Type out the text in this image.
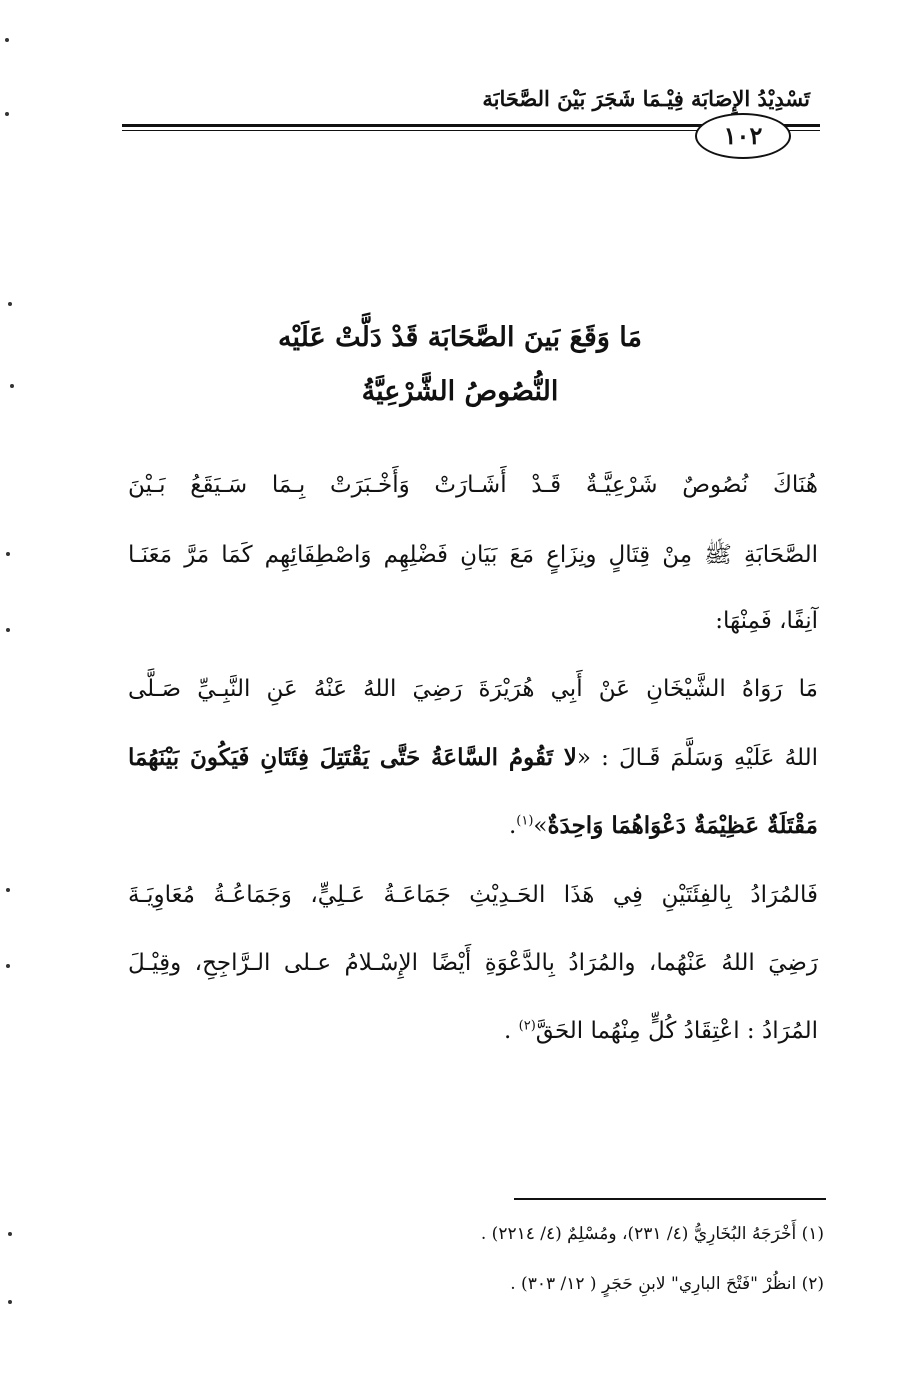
تَسْدِيْدُ الإِصَابَة فِيْـمَا شَجَرَ بَيْنَ الصَّحَابَة
١٠٢
مَا وَقَعَ بَينَ الصَّحَابَة قَدْ دَلَّتْ عَلَيْه
النُّصُوصُ الشَّرْعِيَّةُ
هُنَاكَ نُصُوصٌ شَرْعِيَّـةٌ قَـدْ أَشَـارَتْ وَأَخْـبَرَتْ بِـمَا سَـيَقَعُ بَـيْنَ
الصَّحَابَةِ ﷺ مِنْ قِتَالٍ ونِزَاعٍ مَعَ بَيَانِ فَضْلِهِم وَاصْطِفَائِهِم كَمَا مَرَّ مَعَنَـا
آنِفًا، فَمِنْهَا:
مَا رَوَاهُ الشَّيْخَانِ عَنْ أَبِي هُرَيْرَةَ رَضِيَ اللهُ عَنْهُ عَنِ النَّبِـيِّ صَـلَّى
اللهُ عَلَيْهِ وَسَلَّمَ قَـالَ : «لا تَقُومُ السَّاعَةُ حَتَّى يَقْتَتِلَ فِئَتَانِ فَيَكُونَ بَيْنَهُمَا
مَقْتَلَةٌ عَظِيْمَةٌ دَعْوَاهُمَا وَاحِدَةٌ»$^{(١)}$.
فَالمُرَادُ بِالفِئَتَيْنِ فِي هَذَا الحَـدِيْثِ جَمَاعَـةُ عَـلِيٍّ، وَجَمَاعُـةُ مُعَاوِيَـةَ
رَضِيَ اللهُ عَنْهُما، والمُرَادُ بِالدَّعْوَةِ أَيْضًا الإِسْـلامُ عـلى الـرَّاجِحِ، وقِيْـلَ
المُرَادُ : اعْتِقَادُ كُلٍّ مِنْهُما الحَقَّ$^{(٢)}$ .
(١) أَخْرَجَهُ البُخَارِيُّ (٤/ ٢٣١)، ومُسْلِمٌ (٤/ ٢٢١٤) .
(٢) انظُرْ "فَتْحَ البارِي" لابنِ حَجَرٍ ( ١٢/ ٣٠٣) .
